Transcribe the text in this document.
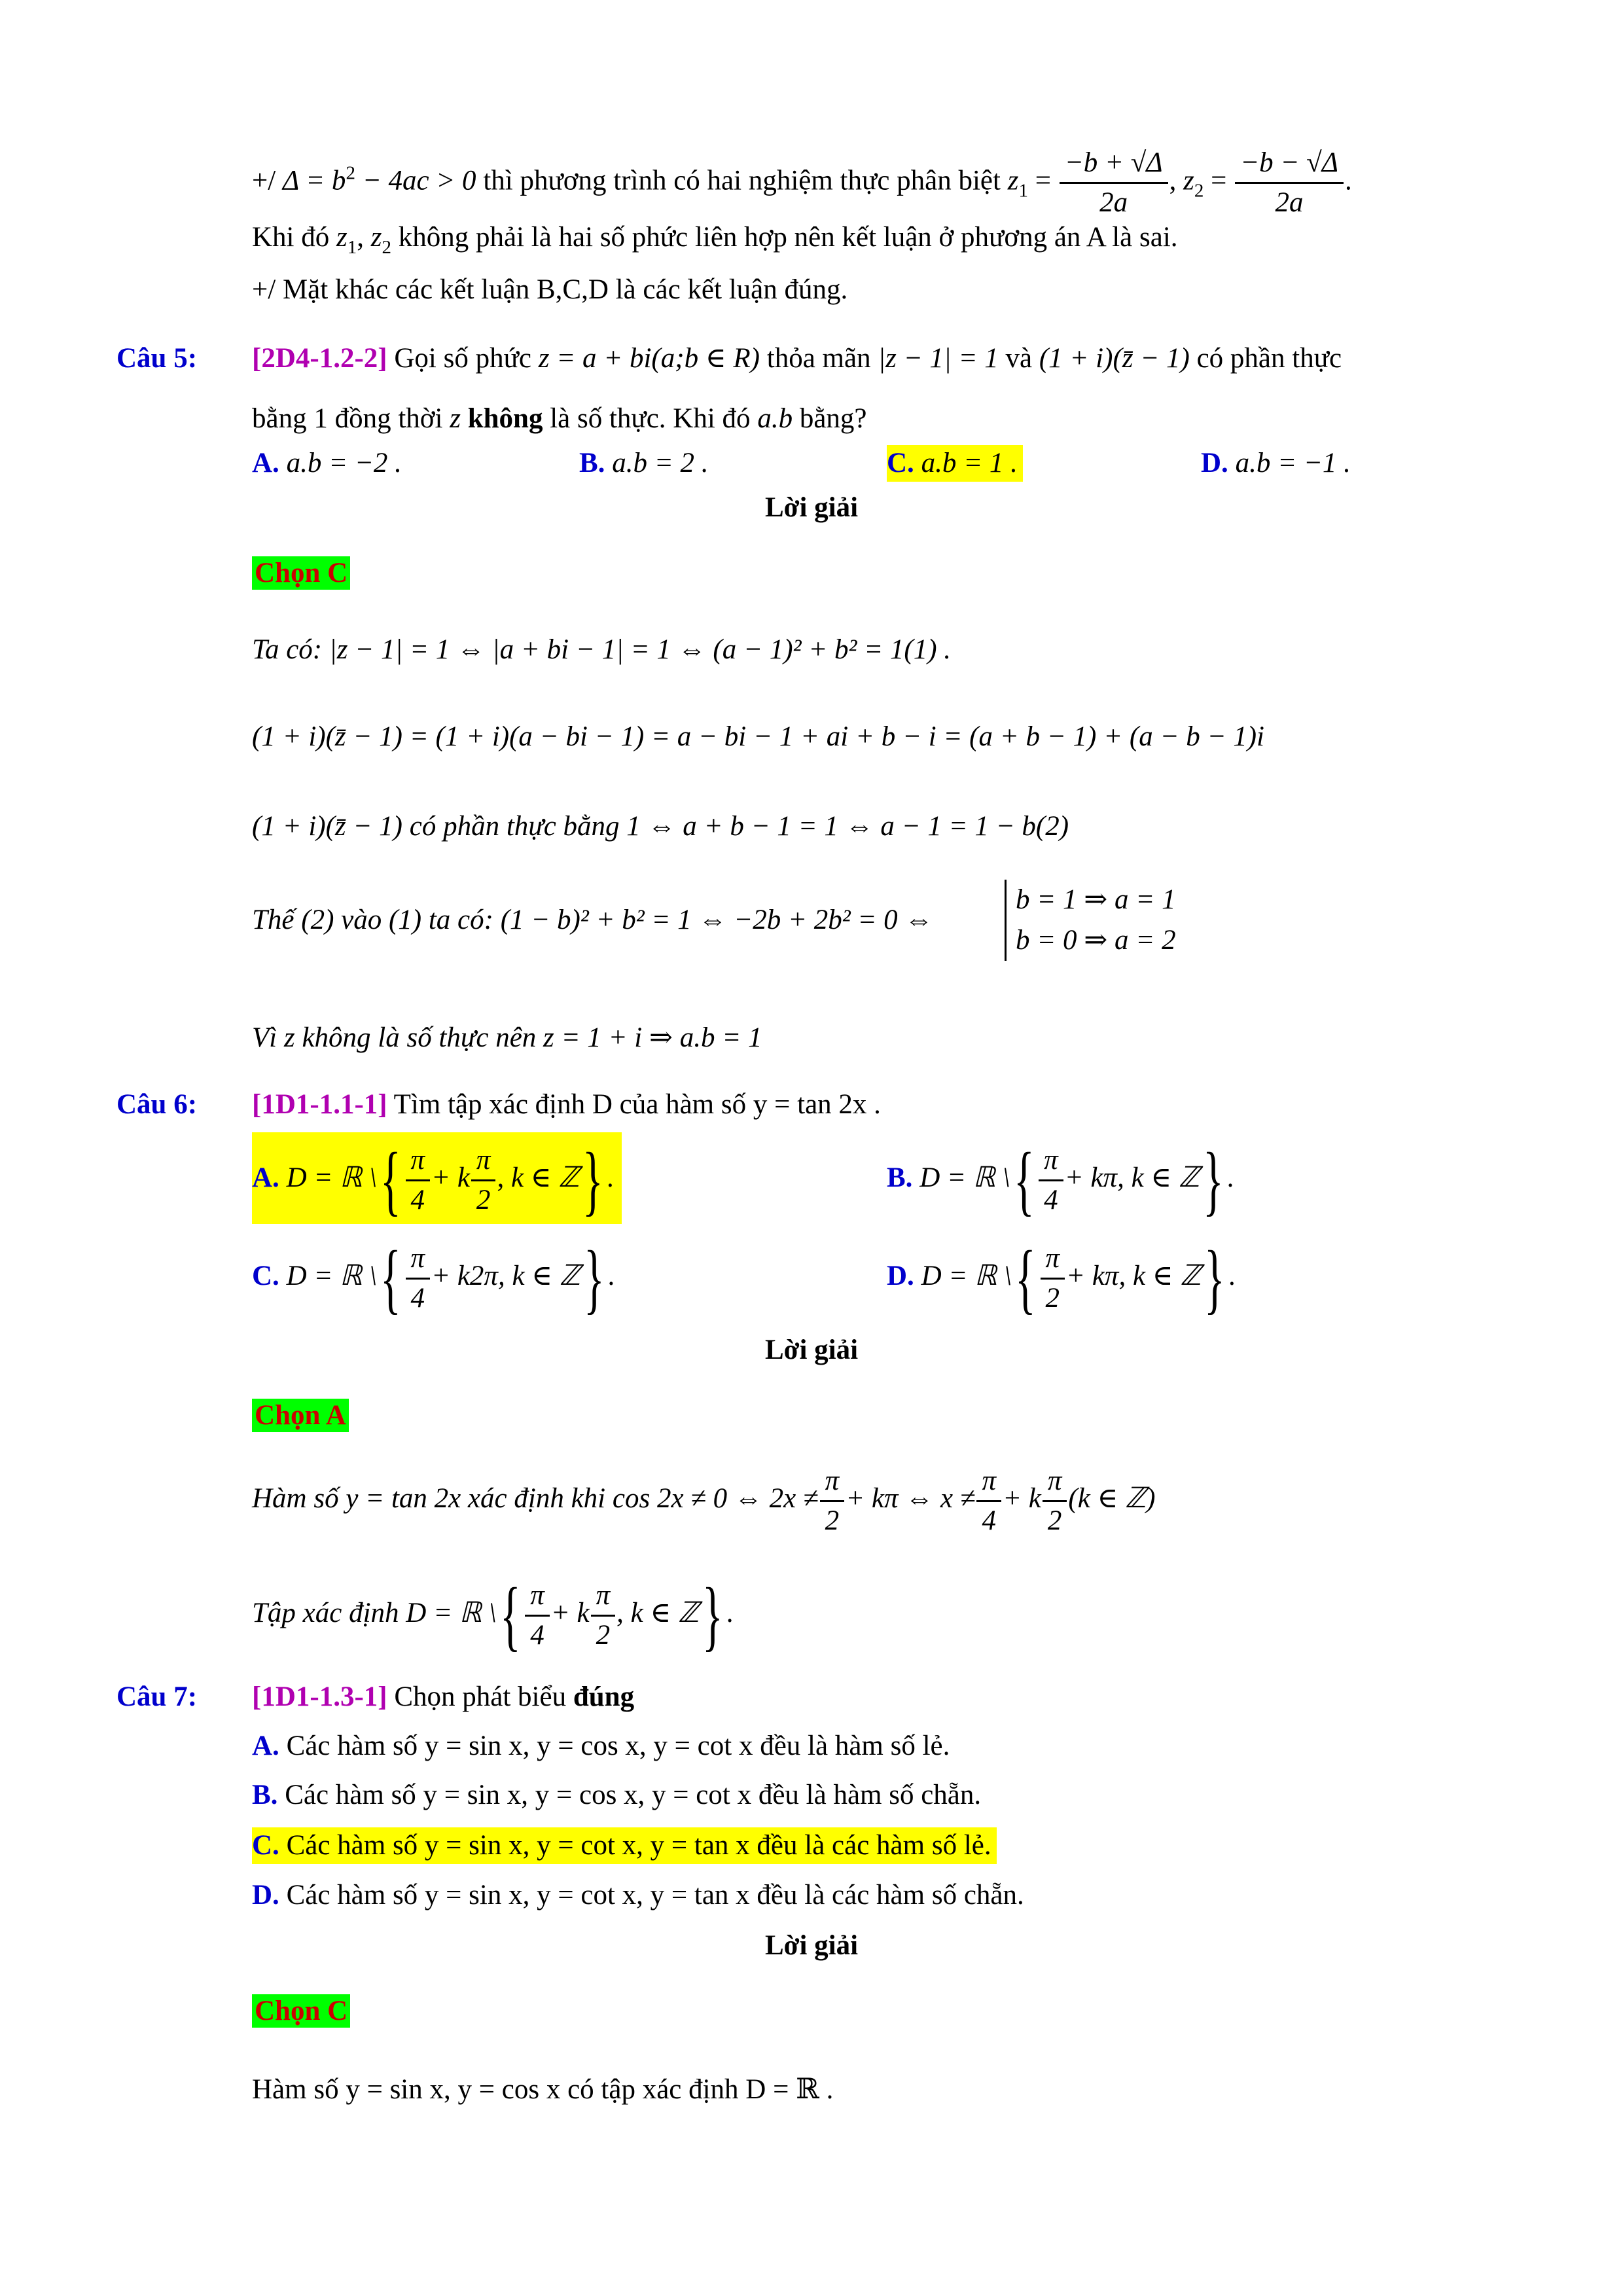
+/ $\Delta = b^2 - 4ac > 0$ thì phương trình có hai nghiệm thực phân biệt $z_1 = \frac{-b + √\Delta}{2a}$ , $z_2 = \frac{-b - √\Delta}{2a}$ .
Khi đó $z_1$, $z_2$ không phải là hai số phức liên hợp nên kết luận ở phương án A là sai.
+/ Mặt khác các kết luận B,C,D là các kết luận đúng.
Câu 5: [2D4-1.2-2] Gọi số phức z = a + bi(a;b ∈ R) thỏa mãn |z − 1| = 1 và (1 + i)(z̄ − 1) có phần thực
bằng 1 đồng thời z không là số thực. Khi đó a.b bằng?
A. a.b = −2 .	B. a.b = 2 .	C. a.b = 1 .	D. a.b = −1 .
Lời giải
Chọn C
Ta có: |z − 1| = 1 ⇔ |a + bi − 1| = 1 ⇔ (a − 1)² + b² = 1(1) .
(1 + i)(z̄ − 1) = (1 + i)(a − bi − 1) = a − bi − 1 + ai + b − i = (a + b − 1) + (a − b − 1)i
(1 + i)(z̄ − 1) có phần thực bằng 1 ⇔ a + b − 1 = 1 ⇔ a − 1 = 1 − b(2)
Thế (2) vào (1) ta có: (1 − b)² + b² = 1 ⇔ −2b + 2b² = 0 ⇔
b = 1 ⇒ a = 1
b = 0 ⇒ a = 2
Vì z không là số thực nên z = 1 + i ⇒ a.b = 1
Câu 6: [1D1-1.1-1] Tìm tập xác định D của hàm số y = tan 2x .
A. D = ℝ \{ $\frac{\pi}{4} + k \frac{\pi}{2}$ , k ∈ ℤ} .	B. D = ℝ \{ $\frac{\pi}{4} + k\pi$, k ∈ ℤ} .
C. D = ℝ \{ $\frac{\pi}{4} + k2\pi$, k ∈ ℤ} .	D. D = ℝ \{ $\frac{\pi}{2} + k\pi$, k ∈ ℤ} .
Lời giải
Chọn A
Hàm số y = tan 2x xác định khi cos 2x ≠ 0 ⇔ $2x \ne \frac{\pi}{2} + k\pi$ ⇔ $x \ne \frac{\pi}{4} + k \frac{\pi}{2} (k$ ∈ ℤ)
Tập xác định D = ℝ \{ $\frac{\pi}{4} + k \frac{\pi}{2}$ , k ∈ ℤ} .
Câu 7: [1D1-1.3-1] Chọn phát biểu đúng
A. Các hàm số y = sin x, y = cos x, y = cot x đều là hàm số lẻ.
B. Các hàm số y = sin x, y = cos x, y = cot x đều là hàm số chẵn.
C. Các hàm số y = sin x, y = cot x, y = tan x đều là các hàm số lẻ.
D. Các hàm số y = sin x, y = cot x, y = tan x đều là các hàm số chẵn.
Lời giải
Chọn C
Hàm số y = sin x, y = cos x có tập xác định D = ℝ .
